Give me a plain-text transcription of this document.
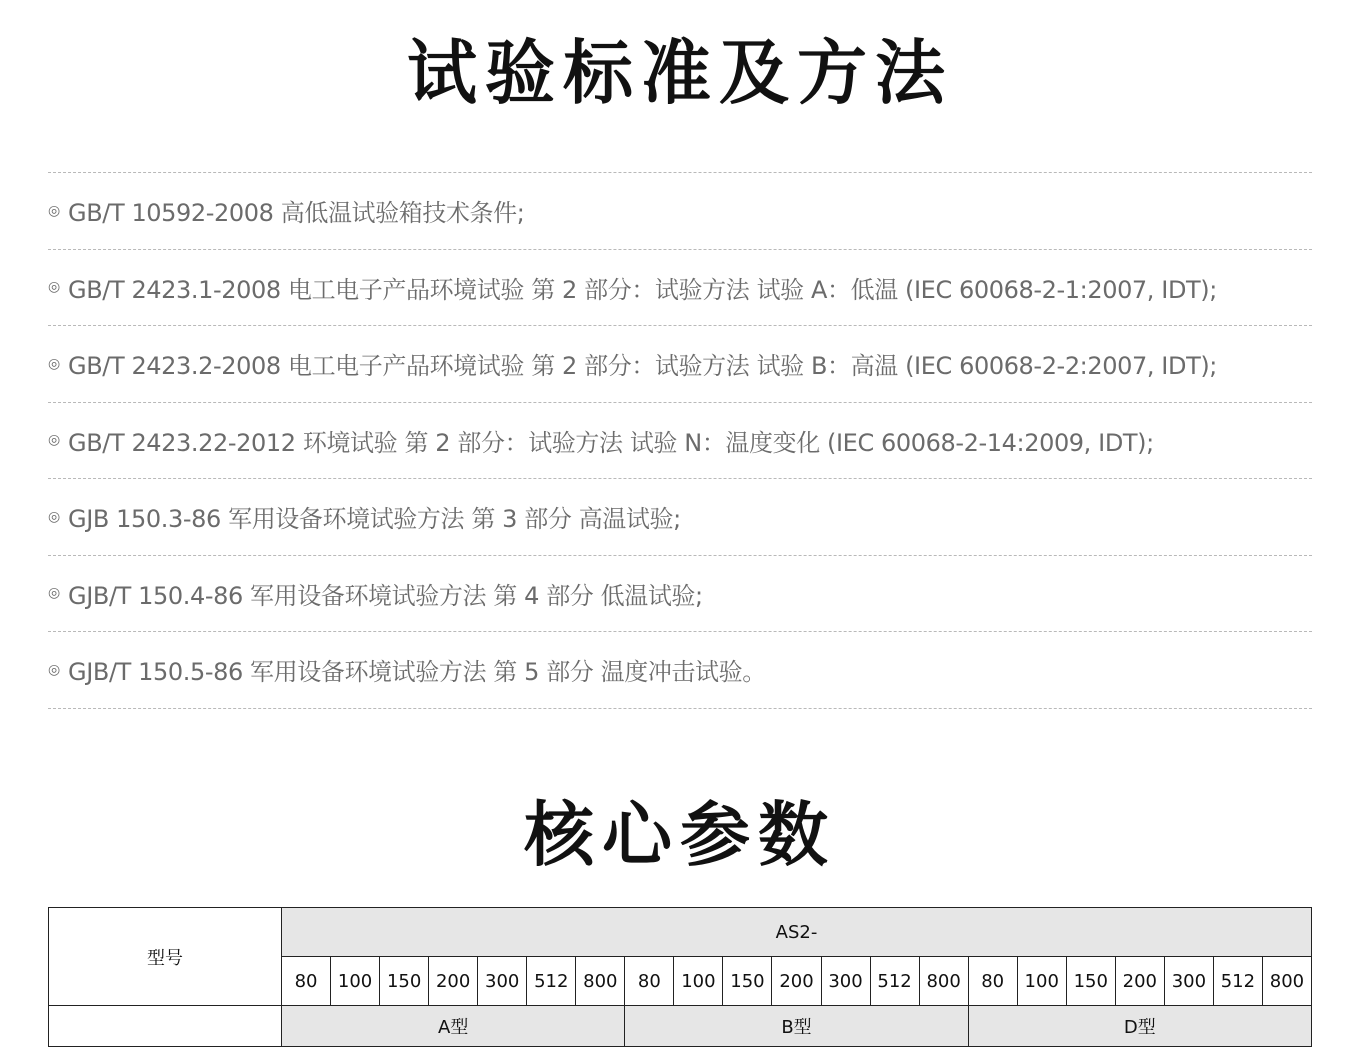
试验标准及方法
◎ GB/T 10592-2008 高低温试验箱技术条件;
◎ GB/T 2423.1-2008 电工电子产品环境试验 第 2 部分：试验方法 试验 A：低温 (IEC 60068-2-1:2007, IDT);
◎ GB/T 2423.2-2008 电工电子产品环境试验 第 2 部分：试验方法 试验 B：高温 (IEC 60068-2-2:2007, IDT);
◎ GB/T 2423.22-2012 环境试验 第 2 部分：试验方法 试验 N：温度变化 (IEC 60068-2-14:2009, IDT);
◎ GJB 150.3-86 军用设备环境试验方法 第 3 部分 高温试验;
◎ GJB/T 150.4-86 军用设备环境试验方法 第 4 部分 低温试验;
◎ GJB/T 150.5-86 军用设备环境试验方法 第 5 部分 温度冲击试验。
核心参数
型号	AS2-																				
	80	100	150	200	300	512	800	80	100	150	200	300	512	800	80	100	150	200	300	512	800
	A型							B型							D型						
